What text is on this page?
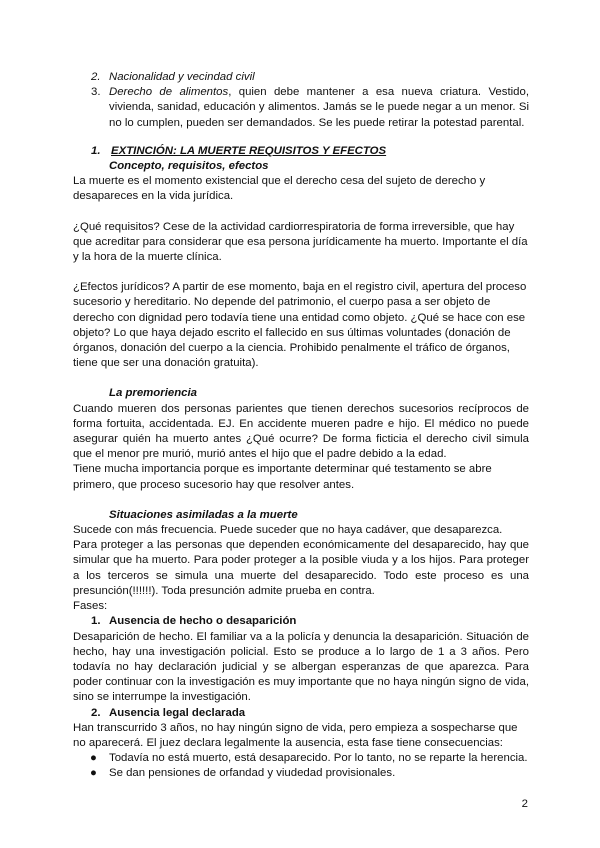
2. Nacionalidad y vecindad civil
3. Derecho de alimentos, quien debe mantener a esa nueva criatura. Vestido, vivienda, sanidad, educación y alimentos. Jamás se le puede negar a un menor. Si no lo cumplen, pueden ser demandados. Se les puede retirar la potestad parental.
1. EXTINCIÓN: LA MUERTE REQUISITOS Y EFECTOS

Concepto, requisitos, efectos

La muerte es el momento existencial que el derecho cesa del sujeto de derecho y desapareces en la vida jurídica.

¿Qué requisitos? Cese de la actividad cardiorrespiratoria de forma irreversible, que hay que acreditar para considerar que esa persona jurídicamente ha muerto. Importante el día y la hora de la muerte clínica.

¿Efectos jurídicos? A partir de ese momento, baja en el registro civil, apertura del proceso sucesorio y hereditario. No depende del patrimonio, el cuerpo pasa a ser objeto de derecho con dignidad pero todavía tiene una entidad como objeto. ¿Qué se hace con ese objeto? Lo que haya dejado escrito el fallecido en sus últimas voluntades (donación de órganos, donación del cuerpo a la ciencia. Prohibido penalmente el tráfico de órganos, tiene que ser una donación gratuita).

La premoriencia

Cuando mueren dos personas parientes que tienen derechos sucesorios recíprocos de forma fortuita, accidentada. EJ. En accidente mueren padre e hijo. El médico no puede asegurar quién ha muerto antes ¿Qué ocurre? De forma ficticia el derecho civil simula que el menor pre murió, murió antes el hijo que el padre debido a la edad.

Tiene mucha importancia porque es importante determinar qué testamento se abre primero, que proceso sucesorio hay que resolver antes.

Situaciones asimiladas a la muerte

Sucede con más frecuencia. Puede suceder que no haya cadáver, que desaparezca.

Para proteger a las personas que dependen económicamente del desaparecido, hay que simular que ha muerto. Para poder proteger a la posible viuda y a los hijos. Para proteger a los terceros se simula una muerte del desaparecido. Todo este proceso es una presunción(!!!!!!). Toda presunción admite prueba en contra.

Fases:

1. Ausencia de hecho o desaparición

Desaparición de hecho. El familiar va a la policía y denuncia la desaparición. Situación de hecho, hay una investigación policial. Esto se produce a lo largo de 1 a 3 años. Pero todavía no hay declaración judicial y se albergan esperanzas de que aparezca. Para poder continuar con la investigación es muy importante que no haya ningún signo de vida, sino se interrumpe la investigación.

2. Ausencia legal declarada

Han transcurrido 3 años, no hay ningún signo de vida, pero empieza a sospecharse que no aparecerá. El juez declara legalmente la ausencia, esta fase tiene consecuencias:

● Todavía no está muerto, está desaparecido. Por lo tanto, no se reparte la herencia.
● Se dan pensiones de orfandad y viudedad provisionales.
2
